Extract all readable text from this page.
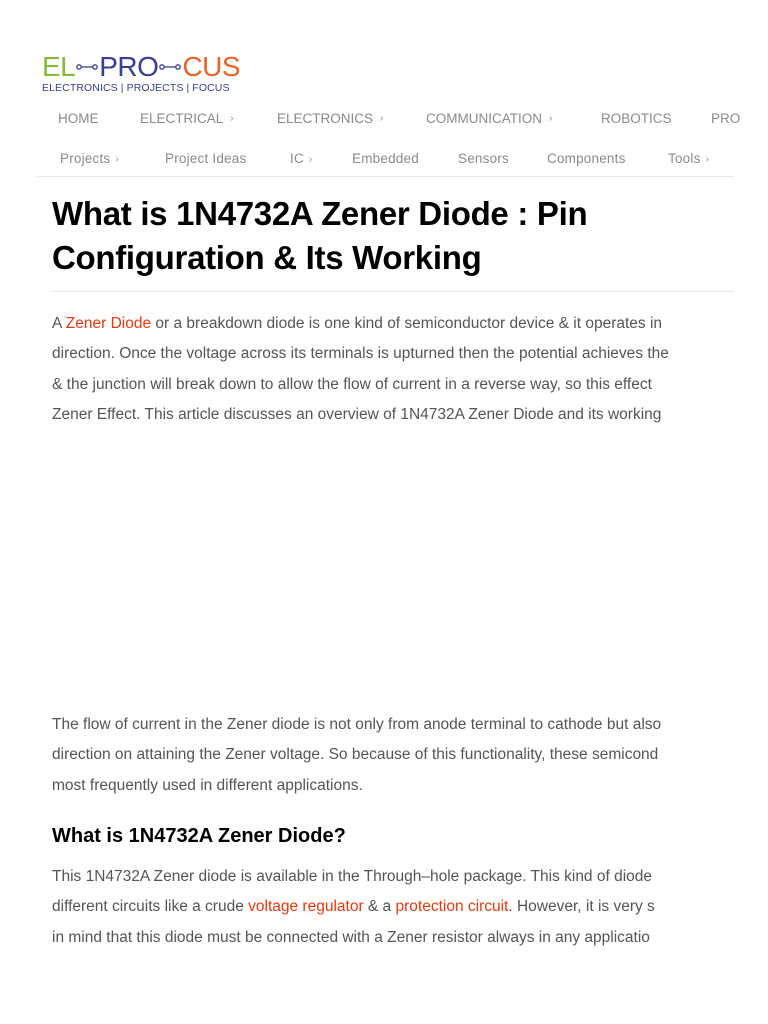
EL PRO CUS
ELECTRONICS | PROJECTS | FOCUS
HOME	ELECTRICAL ›	ELECTRONICS ›	COMMUNICATION ›	ROBOTICS	PRO
Projects ›	Project Ideas	IC ›	Embedded	Sensors	Components	Tools ›
What is 1N4732A Zener Diode : Pin
Configuration & Its Working

A Zener Diode or a breakdown diode is one kind of semiconductor device & it operates in
direction. Once the voltage across its terminals is upturned then the potential achieves the
& the junction will break down to allow the flow of current in a reverse way, so this effect
Zener Effect. This article discusses an overview of 1N4732A Zener Diode and its working

The flow of current in the Zener diode is not only from anode terminal to cathode but also
direction on attaining the Zener voltage. So because of this functionality, these semicond
most frequently used in different applications.

What is 1N4732A Zener Diode?

This 1N4732A Zener diode is available in the Through–hole package. This kind of diode
different circuits like a crude voltage regulator & a protection circuit. However, it is very s
in mind that this diode must be connected with a Zener resistor always in any applicatio
